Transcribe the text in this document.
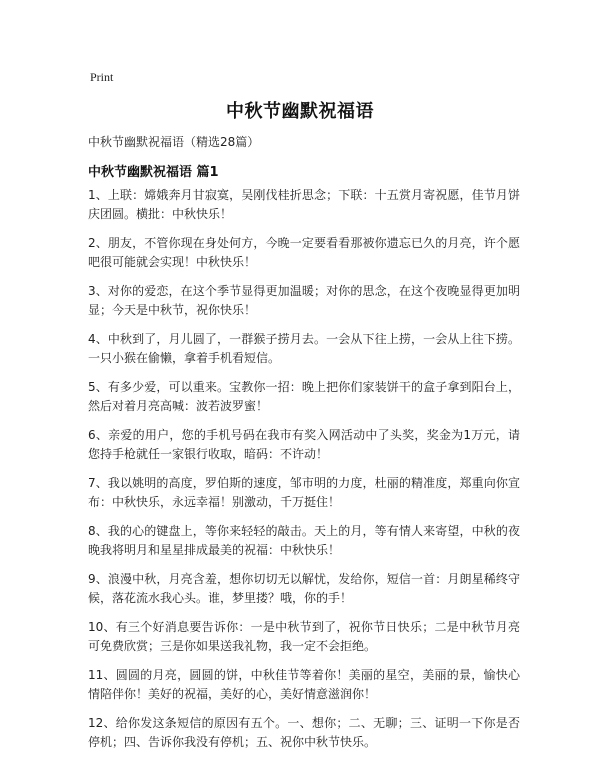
Print
中秋节幽默祝福语
中秋节幽默祝福语（精选28篇）
中秋节幽默祝福语 篇1

1、上联：嫦娥奔月甘寂寞，吴刚伐桂折思念；下联：十五赏月寄祝愿，佳节月饼庆团圆。横批：中秋快乐！

2、朋友，不管你现在身处何方，今晚一定要看看那被你遗忘已久的月亮，许个愿吧很可能就会实现！中秋快乐！

3、对你的爱恋，在这个季节显得更加温暖；对你的思念，在这个夜晚显得更加明显；今天是中秋节，祝你快乐！

4、中秋到了，月儿圆了，一群猴子捞月去。一会从下往上捞，一会从上往下捞。一只小猴在偷懒，拿着手机看短信。

5、有多少爱，可以重来。宝教你一招：晚上把你们家装饼干的盒子拿到阳台上，然后对着月亮高喊：波若波罗蜜！

6、亲爱的用户，您的手机号码在我市有奖入网活动中了头奖，奖金为1万元，请您持手枪就任一家银行收取，暗码：不许动！

7、我以姚明的高度，罗伯斯的速度，邹市明的力度，杜丽的精准度，郑重向你宣布：中秋快乐，永远幸福！别激动，千万挺住！

8、我的心的键盘上，等你来轻轻的敲击。天上的月，等有情人来寄望，中秋的夜晚我将明月和星星排成最美的祝福：中秋快乐！

9、浪漫中秋，月亮含羞，想你切切无以解忧，发给你，短信一首：月朗星稀终守候，落花流水我心头。谁，梦里搂？哦，你的手！

10、有三个好消息要告诉你：一是中秋节到了，祝你节日快乐；二是中秋节月亮可免费欣赏；三是你如果送我礼物，我一定不会拒绝。

11、圆圆的月亮，圆圆的饼，中秋佳节等着你！美丽的星空，美丽的景，愉快心情陪伴你！美好的祝福，美好的心，美好情意滋润你！

12、给你发这条短信的原因有五个。一、想你；二、无聊；三、证明一下你是否停机；四、告诉你我没有停机；五、祝你中秋节快乐。
